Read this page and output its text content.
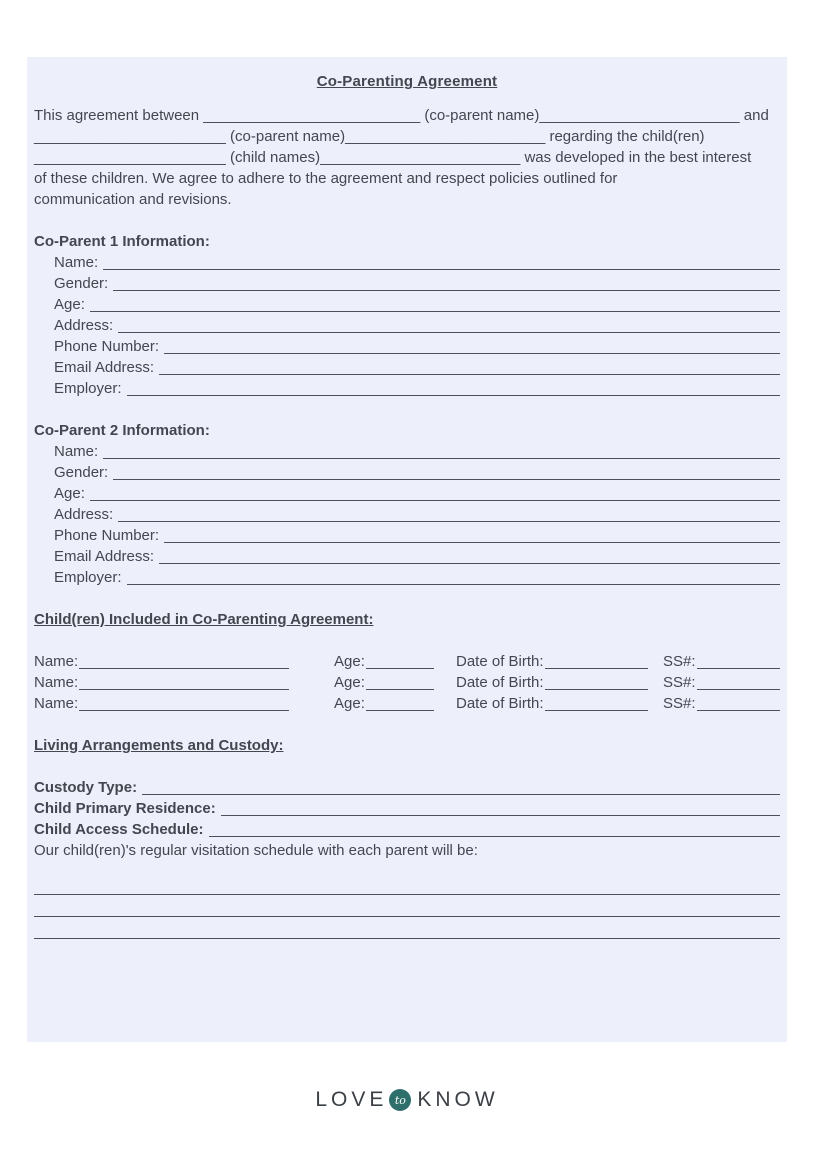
Co-Parenting Agreement
This agreement between __________________________ (co-parent name)________________________ and
_______________________ (co-parent name)________________________ regarding the child(ren)
_______________________ (child names)________________________ was developed in the best interest
of these children. We agree to adhere to the agreement and respect policies outlined for
communication and revisions.
Co-Parent 1 Information:
Name:
Gender:
Age:
Address:
Phone Number:
Email Address:
Employer:
Co-Parent 2 Information:
Name:
Gender:
Age:
Address:
Phone Number:
Email Address:
Employer:
Child(ren) Included in Co-Parenting Agreement:
Name:	Age:	Date of Birth:	SS#:
Name:	Age:	Date of Birth:	SS#:
Name:	Age:	Date of Birth:	SS#:
Living Arrangements and Custody:
Custody Type:
Child Primary Residence:
Child Access Schedule:
Our child(ren)'s regular visitation schedule with each parent will be:
LOVE to KNOW
